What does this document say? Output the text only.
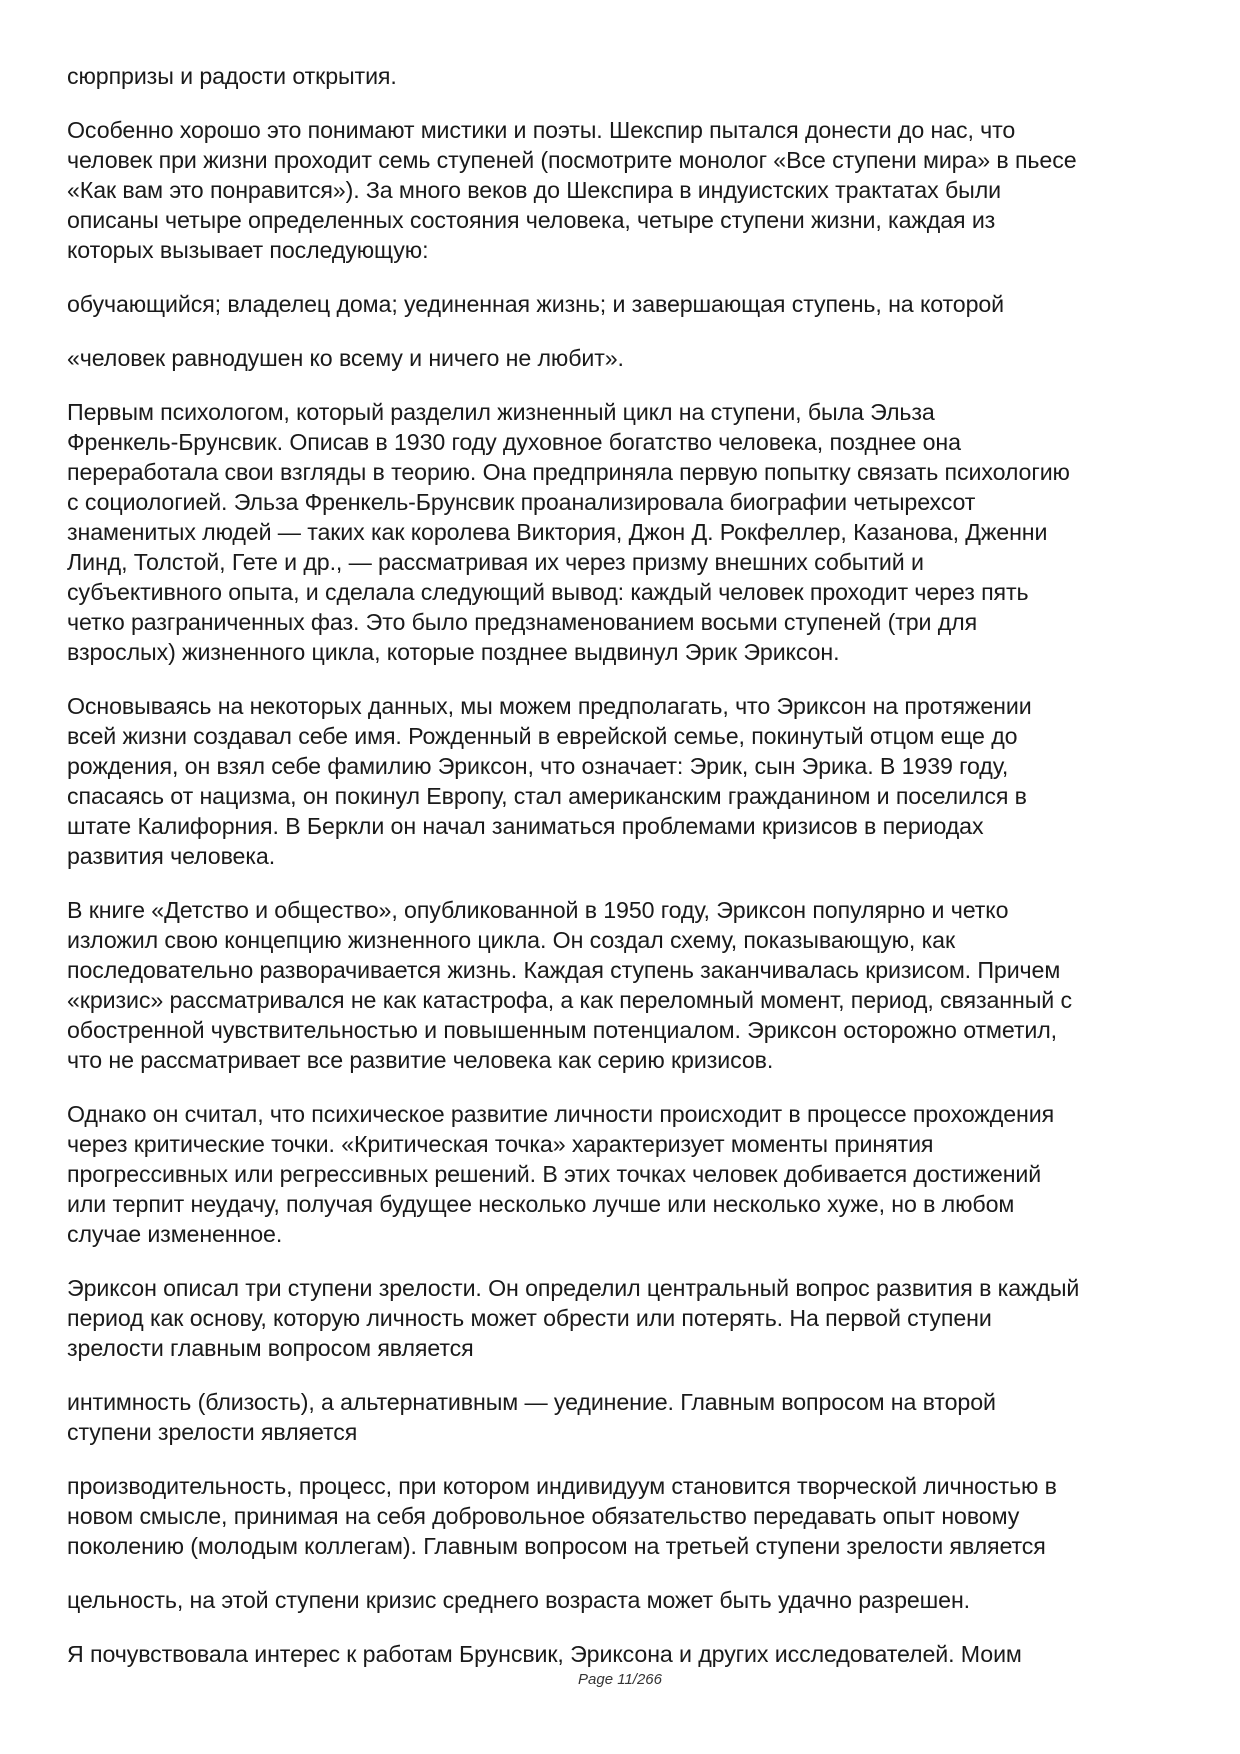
сюрпризы и радости открытия.

Особенно хорошо это понимают мистики и поэты. Шекспир пытался донести до нас, что
человек при жизни проходит семь ступеней (посмотрите монолог «Все ступени мира» в пьесе
«Как вам это понравится»). За много веков до Шекспира в индуистских трактатах были
описаны четыре определенных состояния человека, четыре ступени жизни, каждая из
которых вызывает последующую:

обучающийся; владелец дома; уединенная жизнь; и завершающая ступень, на которой

«человек равнодушен ко всему и ничего не любит».

Первым психологом, который разделил жизненный цикл на ступени, была Эльза
Френкель-Брунсвик. Описав в 1930 году духовное богатство человека, позднее она
переработала свои взгляды в теорию. Она предприняла первую попытку связать психологию
с социологией. Эльза Френкель-Брунсвик проанализировала биографии четырехсот
знаменитых людей — таких как королева Виктория, Джон Д. Рокфеллер, Казанова, Дженни
Линд, Толстой, Гете и др., — рассматривая их через призму внешних событий и
субъективного опыта, и сделала следующий вывод: каждый человек проходит через пять
четко разграниченных фаз. Это было предзнаменованием восьми ступеней (три для
взрослых) жизненного цикла, которые позднее выдвинул Эрик Эриксон.

Основываясь на некоторых данных, мы можем предполагать, что Эриксон на протяжении
всей жизни создавал себе имя. Рожденный в еврейской семье, покинутый отцом еще до
рождения, он взял себе фамилию Эриксон, что означает: Эрик, сын Эрика. В 1939 году,
спасаясь от нацизма, он покинул Европу, стал американским гражданином и поселился в
штате Калифорния. В Беркли он начал заниматься проблемами кризисов в периодах
развития человека.

В книге «Детство и общество», опубликованной в 1950 году, Эриксон популярно и четко
изложил свою концепцию жизненного цикла. Он создал схему, показывающую, как
последовательно разворачивается жизнь. Каждая ступень заканчивалась кризисом. Причем
«кризис» рассматривался не как катастрофа, а как переломный момент, период, связанный с
обостренной чувствительностью и повышенным потенциалом. Эриксон осторожно отметил,
что не рассматривает все развитие человека как серию кризисов.

Однако он считал, что психическое развитие личности происходит в процессе прохождения
через критические точки. «Критическая точка» характеризует моменты принятия
прогрессивных или регрессивных решений. В этих точках человек добивается достижений
или терпит неудачу, получая будущее несколько лучше или несколько хуже, но в любом
случае измененное.

Эриксон описал три ступени зрелости. Он определил центральный вопрос развития в каждый
период как основу, которую личность может обрести или потерять. На первой ступени
зрелости главным вопросом является

интимность (близость), а альтернативным — уединение. Главным вопросом на второй
ступени зрелости является

производительность, процесс, при котором индивидуум становится творческой личностью в
новом смысле, принимая на себя добровольное обязательство передавать опыт новому
поколению (молодым коллегам). Главным вопросом на третьей ступени зрелости является

цельность, на этой ступени кризис среднего возраста может быть удачно разрешен.

Я почувствовала интерес к работам Брунсвик, Эриксона и других исследователей. Моим

Page 11/266
